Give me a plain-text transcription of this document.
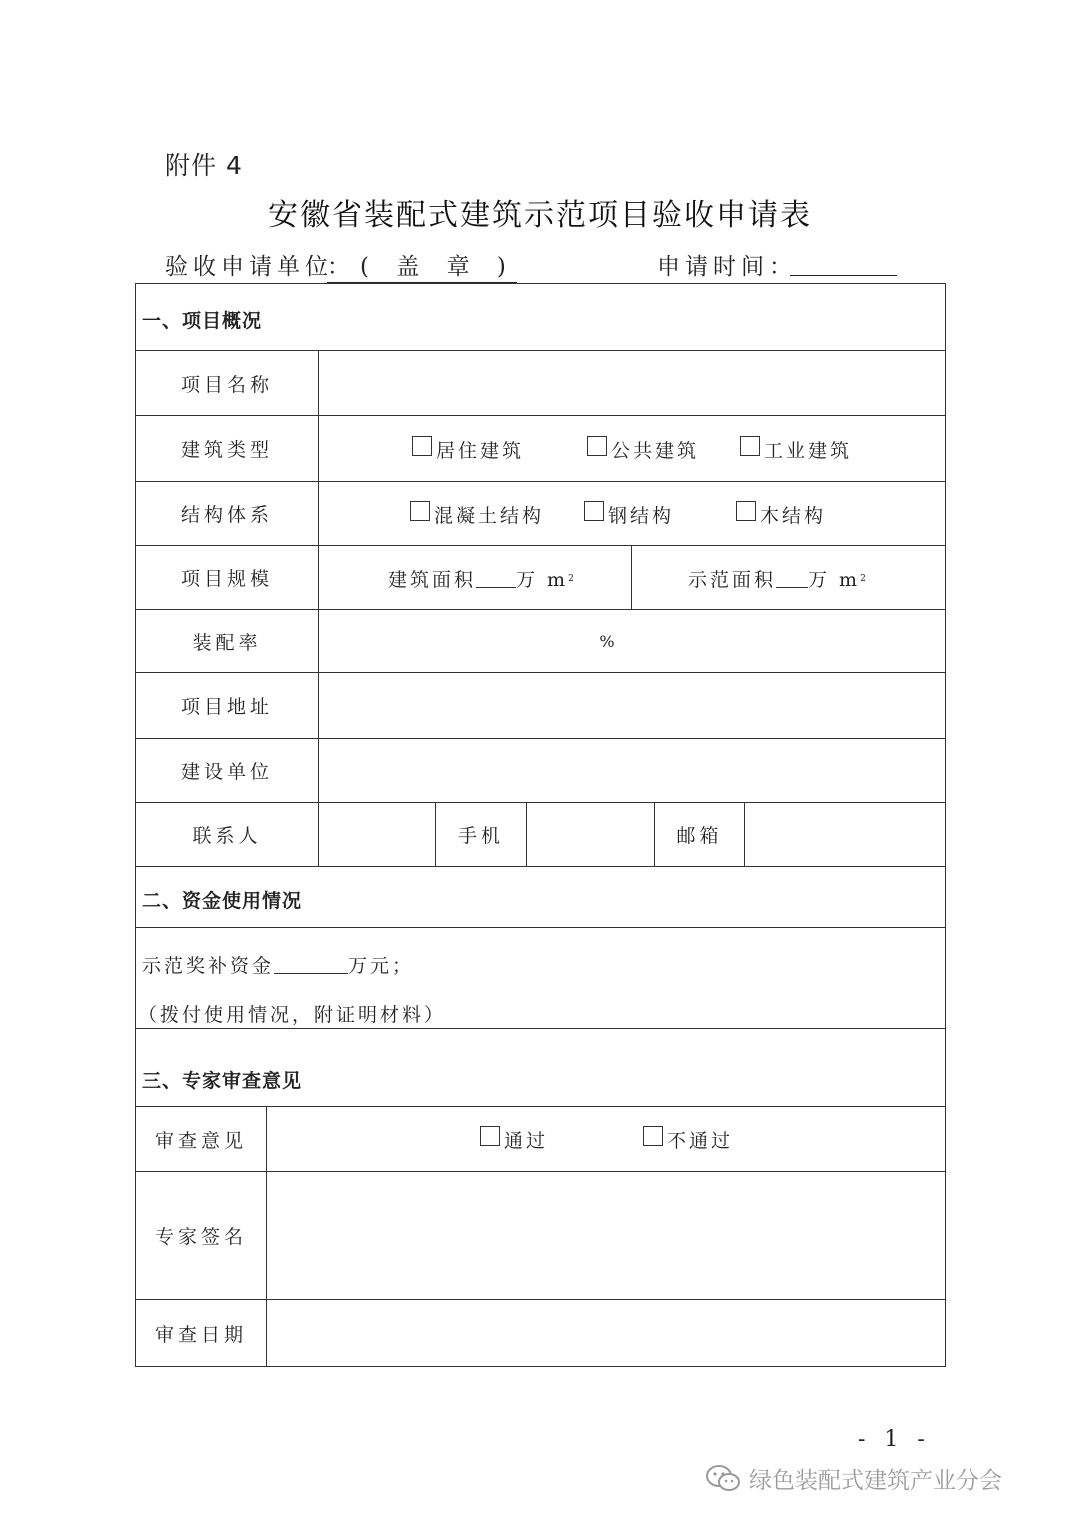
附件 4
安徽省装配式建筑示范项目验收申请表
验收申请单位
：( 盖 章 )	申请时间：
一、项目概况
项目名称
建筑类型	居住建筑	公共建筑	工业建筑
结构体系	混凝土结构	钢结构	木结构
项目规模	建筑面积 万 m 2	示范面积 万 m 2
装配率	%
项目地址
建设单位
联系人	手机	邮箱
二、资金使用情况
示范奖补资金	万元；
（拨付使用情况，附证明材料）
三、专家审查意见
审查意见	通过	不通过
专家签名
审查日期
- 1 -
绿色装配式建筑产业分会
